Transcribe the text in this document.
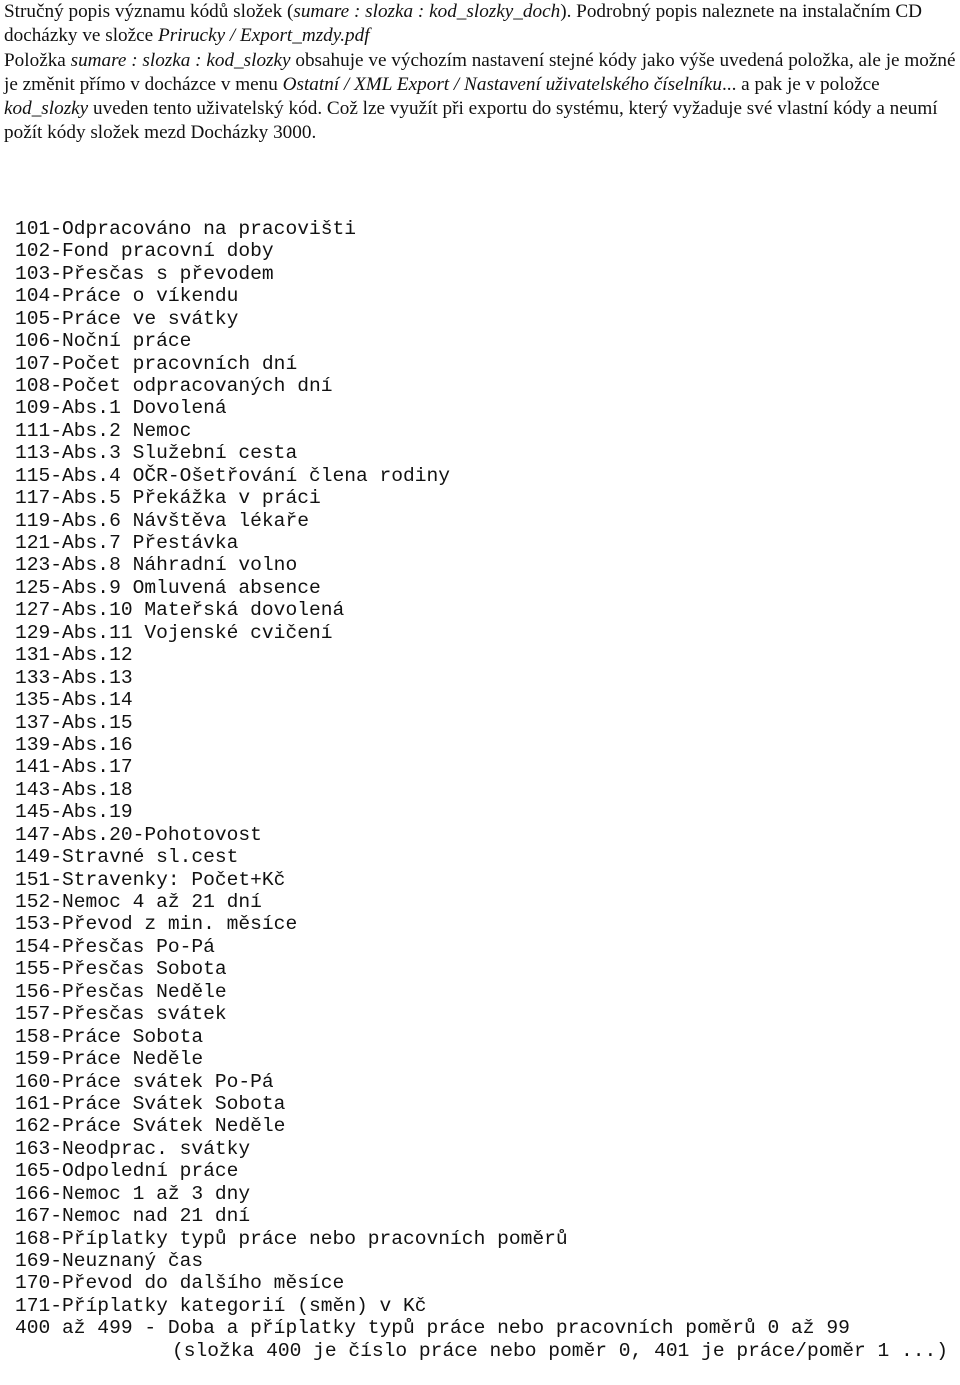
Stručný popis významu kódů složek (sumare : slozka : kod_slozky_doch). Podrobný popis naleznete na instalačním CD docházky ve složce Prirucky / Export_mzdy.pdf

Položka sumare : slozka : kod_slozky obsahuje ve výchozím nastavení stejné kódy jako výše uvedená položka, ale je možné je změnit přímo v docházce v menu Ostatní / XML Export / Nastavení uživatelského číselníku... a pak je v položce kod_slozky uveden tento uživatelský kód. Což lze využít při exportu do systému, který vyžaduje své vlastní kódy a neumí požít kódy složek mezd Docházky 3000.

101-Odpracováno na pracovišti
102-Fond pracovní doby
103-Přesčas s převodem
104-Práce o víkendu
105-Práce ve svátky
106-Noční práce
107-Počet pracovních dní
108-Počet odpracovaných dní
109-Abs.1 Dovolená
111-Abs.2 Nemoc
113-Abs.3 Služební cesta
115-Abs.4 OČR-Ošetřování člena rodiny
117-Abs.5 Překážka v práci
119-Abs.6 Návštěva lékaře
121-Abs.7 Přestávka
123-Abs.8 Náhradní volno
125-Abs.9 Omluvená absence
127-Abs.10 Mateřská dovolená
129-Abs.11 Vojenské cvičení
131-Abs.12
133-Abs.13
135-Abs.14
137-Abs.15
139-Abs.16
141-Abs.17
143-Abs.18
145-Abs.19
147-Abs.20-Pohotovost
149-Stravné sl.cest
151-Stravenky: Počet+Kč
152-Nemoc 4 až 21 dní
153-Převod z min. měsíce
154-Přesčas Po-Pá
155-Přesčas Sobota
156-Přesčas Neděle
157-Přesčas svátek
158-Práce Sobota
159-Práce Neděle
160-Práce svátek Po-Pá
161-Práce Svátek Sobota
162-Práce Svátek Neděle
163-Neodprac. svátky
165-Odpolední práce
166-Nemoc 1 až 3 dny
167-Nemoc nad 21 dní
168-Příplatky typů práce nebo pracovních poměrů
169-Neuznaný čas
170-Převod do dalšího měsíce
171-Příplatky kategorií (směn) v Kč
400 až 499 - Doba a příplatky typů práce nebo pracovních poměrů 0 až 99
(složka 400 je číslo práce nebo poměr 0, 401 je práce/poměr 1 ...)
